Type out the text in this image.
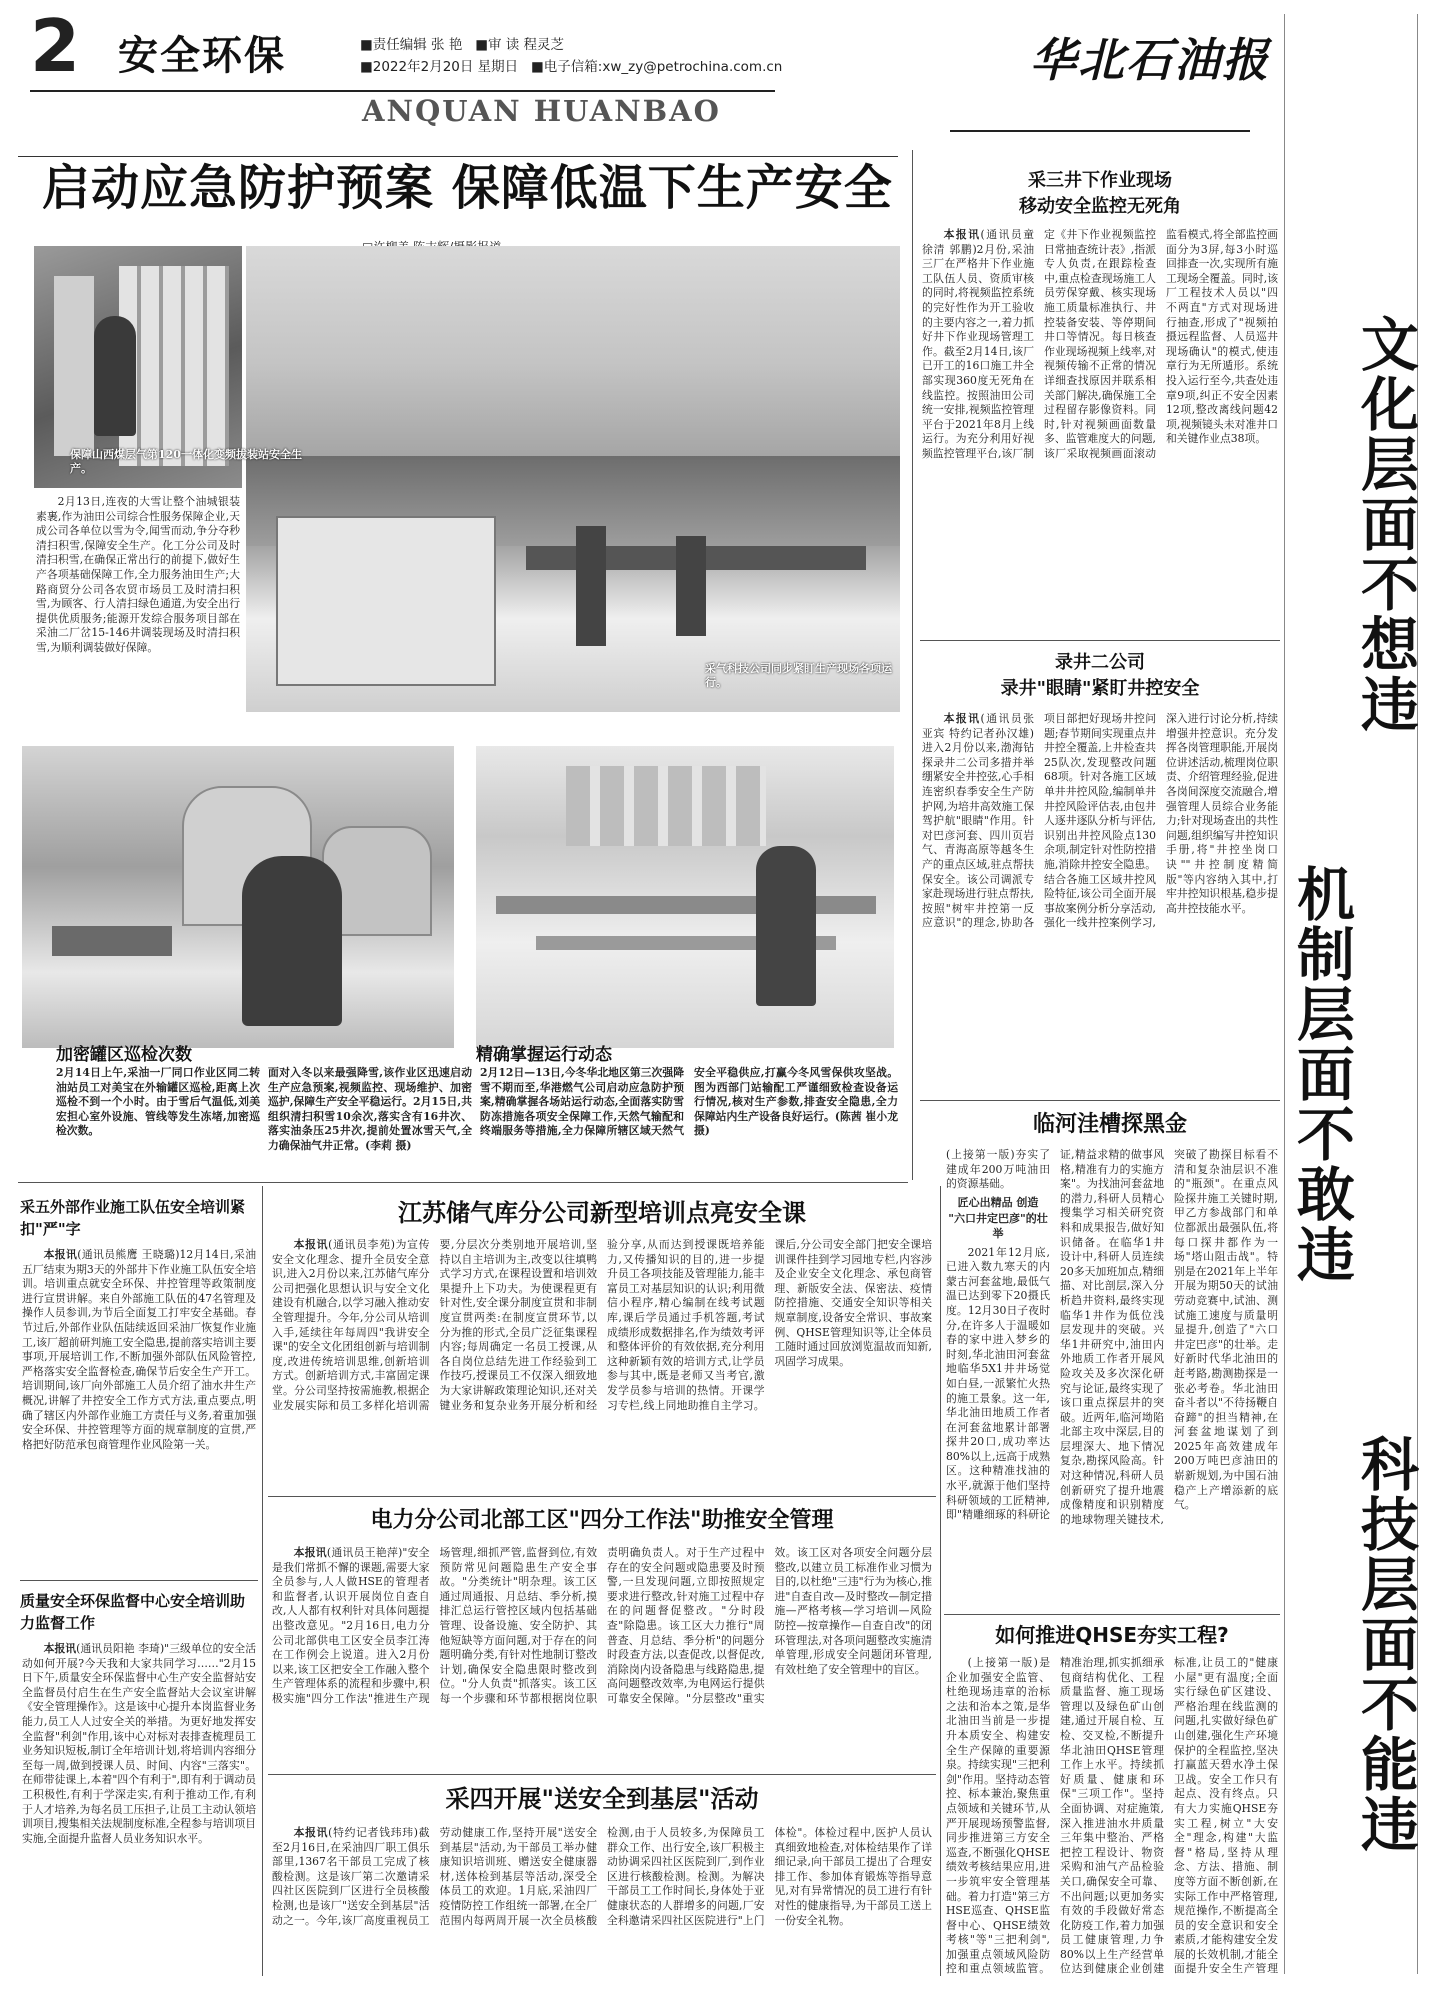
2 安全环保	■责任编辑 张 艳 ■审 读 程灵芝
■2022年2月20日 星期日 ■电子信箱:xw_zy@petrochina.com.cn
ANQUAN HUANBAO
华北石油报
文化层面不想违
机制层面不敢违
科技层面不能违
启动应急防护预案 保障低温下生产安全
保障山西煤层气第120一体化变频拔装站安全生产。
采气科技公司同步紧盯生产现场各项运行。

2月13日,连夜的大雪让整个油城银装素裹,作为油田公司综合性服务保障企业,天成公司各单位以雪为令,闻雪而动,争分夺秒清扫积雪,保障安全生产。化工分公司及时清扫积雪,在确保正常出行的前提下,做好生产各项基础保障工作,全力服务油田生产;大路商贸分公司各农贸市场员工及时清扫积雪,为顾客、行人清扫绿色通道,为安全出行提供优质服务;能源开发综合服务项目部在采油二厂岔15-146井调装现场及时清扫积雪,为顺利调装做好保障。

加密罐区巡检次数	精确掌握运行动态

2月14日上午,采油一厂同口作业区同二转油站员工对美宝在外输罐区巡检,距离上次巡检不到一个小时。由于雪后气温低,刘美宏担心室外设施、管线等发生冻堵,加密巡检次数。

面对入冬以来最强降雪,该作业区迅速启动生产应急预案,视频监控、现场维护、加密巡护,保障生产安全平稳运行。2月15日,共组织清扫积雪10余次,落实含有16井次、落实油条压25井次,提前处置冰雪天气,全力确保油气井正常。(李莉 摄)

2月12日—13日,今冬华北地区第三次强降雪不期而至,华港燃气公司启动应急防护预案,精确掌握各场站运行动态,全面落实防雪防冻措施各项安全保障工作,天然气输配和终端服务等措施,全力保障所辖区域天然气安全平稳供应,打赢今冬风雪保供攻坚战。图为西部门站输配工严谨细致检查设备运行情况,核对生产参数,排查安全隐患,全力保障站内生产设备良好运行。(陈茜 崔小龙 摄)

采三井下作业现场
移动安全监控无死角

本报讯(通讯员童徐清 郭鹏)2月份,采油三厂在严格井下作业施工队伍人员、资质审核的同时,将视频监控系统的完好性作为开工验收的主要内容之一,着力抓好井下作业现场管理工作。截至2月14日,该厂已开工的16口施工井全部实现360度无死角在线监控。按照油田公司统一安排,视频监控管理平台于2021年8月上线运行。为充分利用好视频监控管理平台,该厂制定《井下作业视频监控日常抽查统计表》,指派专人负责,在跟踪检查中,重点检查现场施工人员劳保穿戴、核实现场施工质量标准执行、井控装备安装、等停期间井口等情况。每日核查作业现场视频上线率,对视频传输不正常的情况详细查找原因并联系相关部门解决,确保施工全过程留存影像资料。同时,针对视频画面数量多、监管难度大的问题,该厂采取视频画面滚动监看模式,将全部监控画面分为3屏,每3小时巡回排查一次,实现所有施工现场全覆盖。同时,该厂工程技术人员以"四不两直"方式对现场进行抽查,形成了"视频拍摄远程监督、人员巡井现场确认"的模式,使违章行为无所遁形。系统投入运行至今,共查处违章9项,纠正不安全因素12项,整改离线问题42项,视频镜头未对准井口和关键作业点38项。

录井二公司
录井"眼睛"紧盯井控安全

本报讯(通讯员张亚宾 特约记者孙汉雄)进入2月份以来,渤海钻探录井二公司多措并举绷紧安全井控弦,心手相连密织春季安全生产防护网,为培井高效施工保驾护航"眼睛"作用。针对巴彦河套、四川页岩气、青海高原等越冬生产的重点区域,驻点帮扶保安全。该公司调派专家赴现场进行驻点帮扶,按照"树牢井控第一反应意识"的理念,协助各项目部把好现场井控问题;春节期间实现重点井井控全覆盖,上井检查共25队次,发现整改问题68项。针对各施工区域单井井控风险,编制单井井控风险评估表,由包井人逐井逐队分析与评估,识别出井控风险点130余项,制定针对性防控措施,消除井控安全隐患。结合各施工区域井控风险特征,该公司全面开展事故案例分析分享活动,强化一线井控案例学习,深入进行讨论分析,持续增强井控意识。充分发挥各岗管理职能,开展岗位讲述活动,梳理岗位职责、介绍管理经验,促进各岗间深度交流融合,增强管理人员综合业务能力;针对现场查出的共性问题,组织编写井控知识手册,将"井控坐岗口诀""井控制度精简版"等内容纳入其中,打牢井控知识根基,稳步提高井控技能水平。

临河洼槽探黑金

(上接第一版)夯实了建成年200万吨油田的资源基础。

匠心出精品 创造
"六口井定巴彦"的壮举

2021年12月底,已进入数九寒天的内蒙古河套盆地,最低气温已达到零下20摄氏度。12月30日子夜时分,在许多人于温暖如春的家中进入梦乡的时刻,华北油田河套盆地临华5X1井井场觉如白昼,一派繁忙火热的施工景象。这一年,华北油田地质工作者在河套盆地累计部署探井20口,成功率达80%以上,远高于成熟区。这种精准找油的水平,就源于他们坚持科研领域的工匠精神,即"精雕细琢的科研论证,精益求精的做事风格,精准有力的实施方案"。为找油河套盆地的潜力,科研人员精心搜集学习相关研究资料和成果报告,做好知识储备。在临华1井设计中,科研人员连续20多天加班加点,精细描、对比剖层,深入分析趋井资料,最终实现临华1井作为低位浅层发现井的突破。兴华1井研究中,油田内外地质工作者开展风险攻关及多次深化研究与论证,最终实现了该口重点探层井的突破。近两年,临河坳陷北部主攻中深层,目的层埋深大、地下情况复杂,勘探风险高。针对这种情况,科研人员创新研究了提升地震成像精度和识别精度的地球物理关键技术,突破了勘探目标看不清和复杂油层识不准的"瓶颈"。在重点风险探井施工关键时期,甲乙方参战部门和单位都派出最强队伍,将每口探井都作为一场"塔山阻击战"。特别是在2021年上半年开展为期50天的试油劳动竞赛中,试油、测试施工速度与质量明显提升,创造了"六口井定巴彦"的壮举。走好新时代华北油田的赶考路,勘测勘探是一张必考卷。华北油田奋斗者以"不待扬鞭自奋蹄"的担当精神,在河套盆地谋划了到2025年高效建成年200万吨巴彦油田的崭新规划,为中国石油稳产上产增添新的底气。

如何推进QHSE夯实工程?

(上接第一版)是企业加强安全监管、杜绝现场违章的治标之法和治本之策,是华北油田当前是一步提升本质安全、构建安全生产保障的重要源泉。持续实现"三把利剑"作用。坚持动态管控、标本兼治,聚焦重点领域和关键环节,从严开展现场预警监督,同步推进第三方安全巡查,不断强化QHSE绩效考核结果应用,进一步筑牢安全管理基础。着力打造"第三方HSE巡查、QHSE监督中心、QHSE绩效考核"等"三把利剑",加强重点领域风险防控和重点领域监管。精准治理,抓实抓细承包商结构优化、工程质量监督、施工现场管理以及绿色矿山创建,通过开展自检、互检、交叉检,不断提升华北油田QHSE管理工作上水平。持续抓好质量、健康和环保"三项工作"。坚持全面协调、对症施策,深入推进油水井质量三年集中整治、严格把控工程设计、物资采购和油气产品检验关口,确保安全可靠、不出问题;以更加务实有效的手段做好常态化防疫工作,着力加强员工健康管理,力争80%以上生产经营单位达到健康企业创建标准,让员工的"健康小屋"更有温度;全面实行绿色矿区建设、严格治理在线监测的问题,扎实做好绿色矿山创建,强化生产环境保护的全程监控,坚决打赢蓝天碧水净土保卫战。安全工作只有起点、没有终点。只有大力实施QHSE夯实工程,树立"大安全"理念,构建"大监督"格局,坚持从理念、方法、措施、制度等方面不断创新,在实际工作中严格管理,规范操作,不断提高全员的安全意识和安全素质,才能构建安全发展的长效机制,才能全面提升安全生产管理

采五外部作业施工队伍安全培训紧扣"严"字

本报讯(通讯员熊鹰 王晓璐)12月14日,采油五厂结束为期3天的外部井下作业施工队伍安全培训。培训重点就安全环保、井控管理等政策制度进行宣贯讲解。来自外部施工队伍的47名管理及操作人员参训,为节后全面复工打牢安全基础。春节过后,外部作业队伍陆续返回采油厂恢复作业施工,该厂超前研判施工安全隐患,提前落实培训主要事项,开展培训工作,不断加强外部队伍风险管控,严格落实安全监督检查,确保节后安全生产开工。培训期间,该厂向外部施工人员介绍了油水井生产概况,讲解了井控安全工作方式方法,重点要点,明确了辖区内外部作业施工方责任与义务,着重加强安全环保、井控管理等方面的规章制度的宣贯,严格把好防范承包商管理作业风险第一关。

质量安全环保监督中心安全培训助力监督工作

本报讯(通讯员阳艳 李琦)"三级单位的安全活动如何开展?今天我和大家共同学习……"2月15日下午,质量安全环保监督中心生产安全监督站安全监督员付启生在生产安全监督站大会议室讲解《安全管理操作》。这是该中心提升本岗监督业务能力,员工人人过安全关的举措。为更好地发挥安全监督"利剑"作用,该中心对标对表排查梳理员工业务知识短板,制订全年培训计划,将培训内容细分至每一周,做到授课人员、时间、内容"三落实"。在师带徒课上,本着"四个有利于",即有利于调动员工积极性,有利于学深走实,有利于推动工作,有利于人才培养,为每名员工压担子,让员工主动认领培训项目,搜集相关法规制度标准,全程参与培训项目实施,全面提升监督人员业务知识水平。

江苏储气库分公司新型培训点亮安全课

本报讯(通讯员李苑)为宣传安全文化理念、提升全员安全意识,进入2月份以来,江苏储气库分公司把强化思想认识与安全文化建设有机融合,以学习融入推动安全管理提升。今年,分公司从培训入手,延续往年每周四"我讲安全课"的安全文化团组创新与培训制度,改进传统培训思维,创新培训方式。创新培训方式,丰富固定课堂。分公司坚持按需施教,根据企业发展实际和员工多样化培训需要,分层次分类别地开展培训,坚持以自主培训为主,改变以往填鸭式学习方式,在课程设置和培训效果提升上下功夫。为使课程更有针对性,安全课分制度宣贯和非制度宣贯两类:在制度宣贯环节,以分为推的形式,全员广泛征集课程内容;每周确定一名员工授课,从各自岗位总结先进工作经验到工作技巧,授课员工不仅深入细致地为大家讲解政策理论知识,还对关键业务和复杂业务开展分析和经验分享,从而达到授课既培养能力,又传播知识的目的,进一步提升员工各项技能及管理能力,能丰富员工对基层知识的认识;利用微信小程序,精心编制在线考试题库,课后学员通过手机答题,考试成绩形成数据排名,作为绩效考评和整体评价的有效依据,充分利用这种新颖有效的培训方式,让学员参与其中,既是老师又当考官,激发学员参与培训的热情。开课学习专栏,线上同地助推自主学习。课后,分公司安全部门把安全课培训课件挂到学习园地专栏,内容涉及企业安全文化理念、承包商管理、新版安全法、保密法、疫情防控措施、交通安全知识等相关规章制度,设备安全常识、事故案例、QHSE管理知识等,让全体员工随时通过回放浏览温故而知新,巩固学习成果。

电力分公司北部工区"四分工作法"助推安全管理

本报讯(通讯员王艳萍)"安全是我们常抓不懈的课题,需要大家全员参与,人人做HSE的管理者和监督者,认识开展岗位自查自改,人人都有权利针对具体问题提出整改意见。"2月16日,电力分公司北部供电工区安全员李江涛在工作例会上说道。进入2月份以来,该工区把安全工作融入整个生产管理体系的流程和步骤中,积极实施"四分工作法"推进生产现场管理,细抓严管,监督到位,有效预防常见问题隐患生产安全事故。"分类统计"明杂理。该工区通过周通报、月总结、季分析,摸排汇总运行管控区域内包括基础管理、设备设施、安全防护、其他短缺等方面问题,对于存在的问题明确分类,有针对性地制订整改计划,确保安全隐患限时整改到位。"分人负责"抓落实。该工区每一个步骤和环节都根据岗位职责明确负责人。对于生产过程中存在的安全问题或隐患要及时预警,一旦发现问题,立即按照规定要求进行整改,针对施工过程中存在的问题督促整改。"分时段查"除隐患。该工区大力推行"周普查、月总结、季分析"的问题分时段查方法,以查促改,以督促改,消除岗内设备隐患与线路隐患,提高问题整改效率,为电网运行提供可靠安全保障。"分层整改"重实效。该工区对各项安全问题分层整改,以建立员工标准作业习惯为目的,以杜绝"三违"行为为核心,推进"自查自改—及时整改—制定措施—严格考核—学习培训—风险防控—按章操作—自查自改"的闭环管理法,对各项问题整改实施清单管理,形成安全问题闭环管理,有效杜绝了安全管理中的盲区。

采四开展"送安全到基层"活动

本报讯(特约记者钱玮玮)截至2月16日,在采油四厂职工俱乐部里,1367名干部员工完成了核酸检测。这是该厂第二次邀请采四社区医院到厂区进行全员核酸检测,也是该厂"送安全到基层"活动之一。今年,该厂高度重视员工劳动健康工作,坚持开展"送安全到基层"活动,为干部员工举办健康知识培训班、赠送安全健康器材,送体检到基层等活动,深受全体员工的欢迎。1月底,采油四厂疫情防控工作组统一部署,在全厂范围内每两周开展一次全员核酸检测,由于人员较多,为保障员工群众工作、出行安全,该厂积极主动协调采四社区医院到厂,到作业区进行核酸检测。检测。为解决干部员工工作时间长,身体处于亚健康状态的人群增多的问题,厂安全科邀请采四社区医院进行"上门体检"。体检过程中,医护人员认真细致地检查,对体检结果作了详细记录,向干部员工提出了合理安排工作、参加体育锻炼等指导意见,对有异常情况的员工进行有针对性的健康指导,为干部员工送上一份安全礼物。
